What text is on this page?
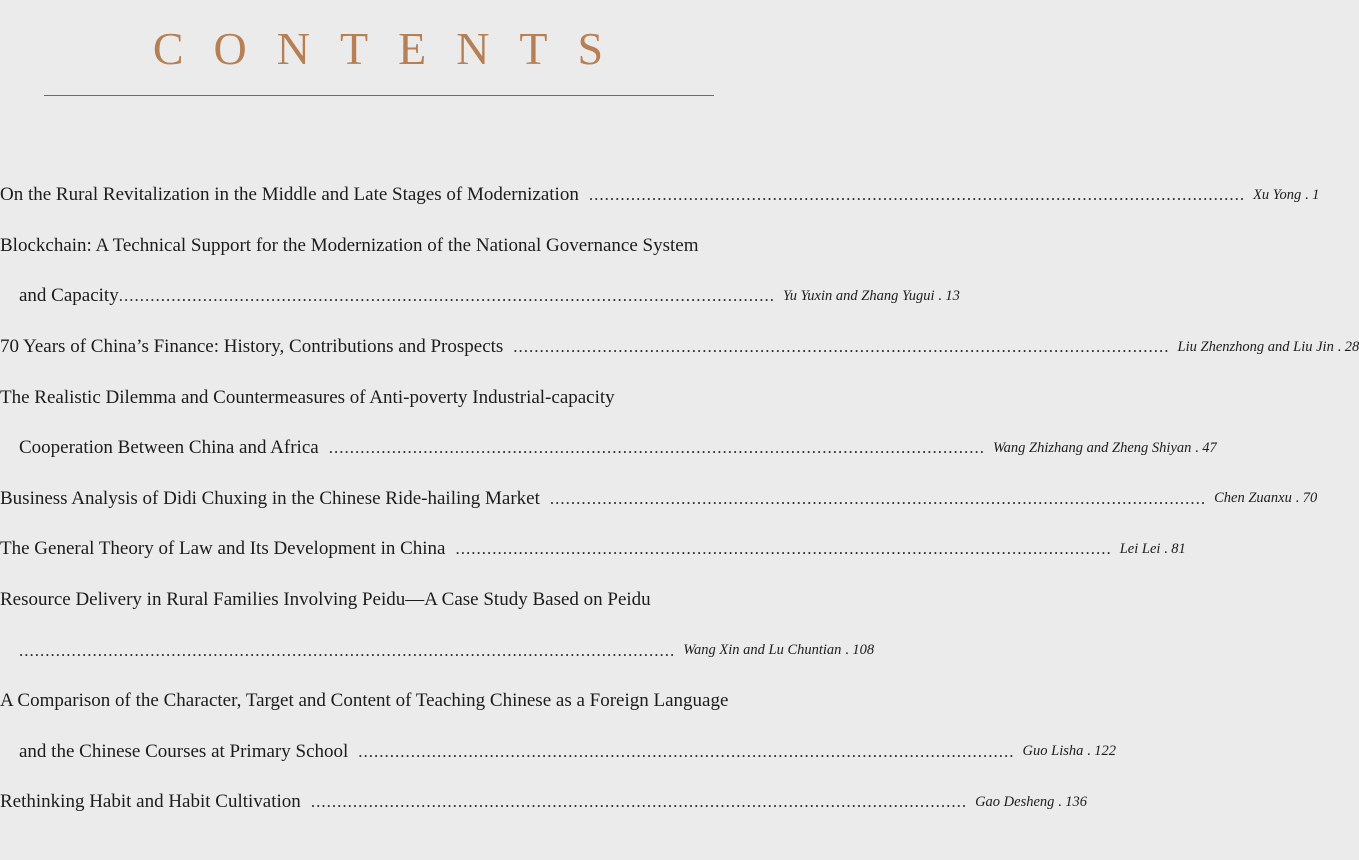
CONTENTS
On the Rural Revitalization in the Middle and Late Stages of Modernization ............................................................................................................................. Xu Yong . 1
Blockchain: A Technical Support for the Modernization of the National Governance System
and Capacity ............................................................................................................................. Yu Yuxin and Zhang Yugui . 13
70 Years of China’s Finance: History, Contributions and Prospects ............................................................................................................................. Liu Zhenzhong and Liu Jin . 28
The Realistic Dilemma and Countermeasures of Anti-poverty Industrial-capacity
Cooperation Between China and Africa ............................................................................................................................. Wang Zhizhang and Zheng Shiyan . 47
Business Analysis of Didi Chuxing in the Chinese Ride-hailing Market ............................................................................................................................. Chen Zuanxu . 70
The General Theory of Law and Its Development in China ............................................................................................................................. Lei Lei . 81
Resource Delivery in Rural Families Involving Peidu—A Case Study Based on Peidu
............................................................................................................................. Wang Xin and Lu Chuntian . 108
A Comparison of the Character, Target and Content of Teaching Chinese as a Foreign Language
and the Chinese Courses at Primary School ............................................................................................................................. Guo Lisha . 122
Rethinking Habit and Habit Cultivation ............................................................................................................................. Gao Desheng . 136
